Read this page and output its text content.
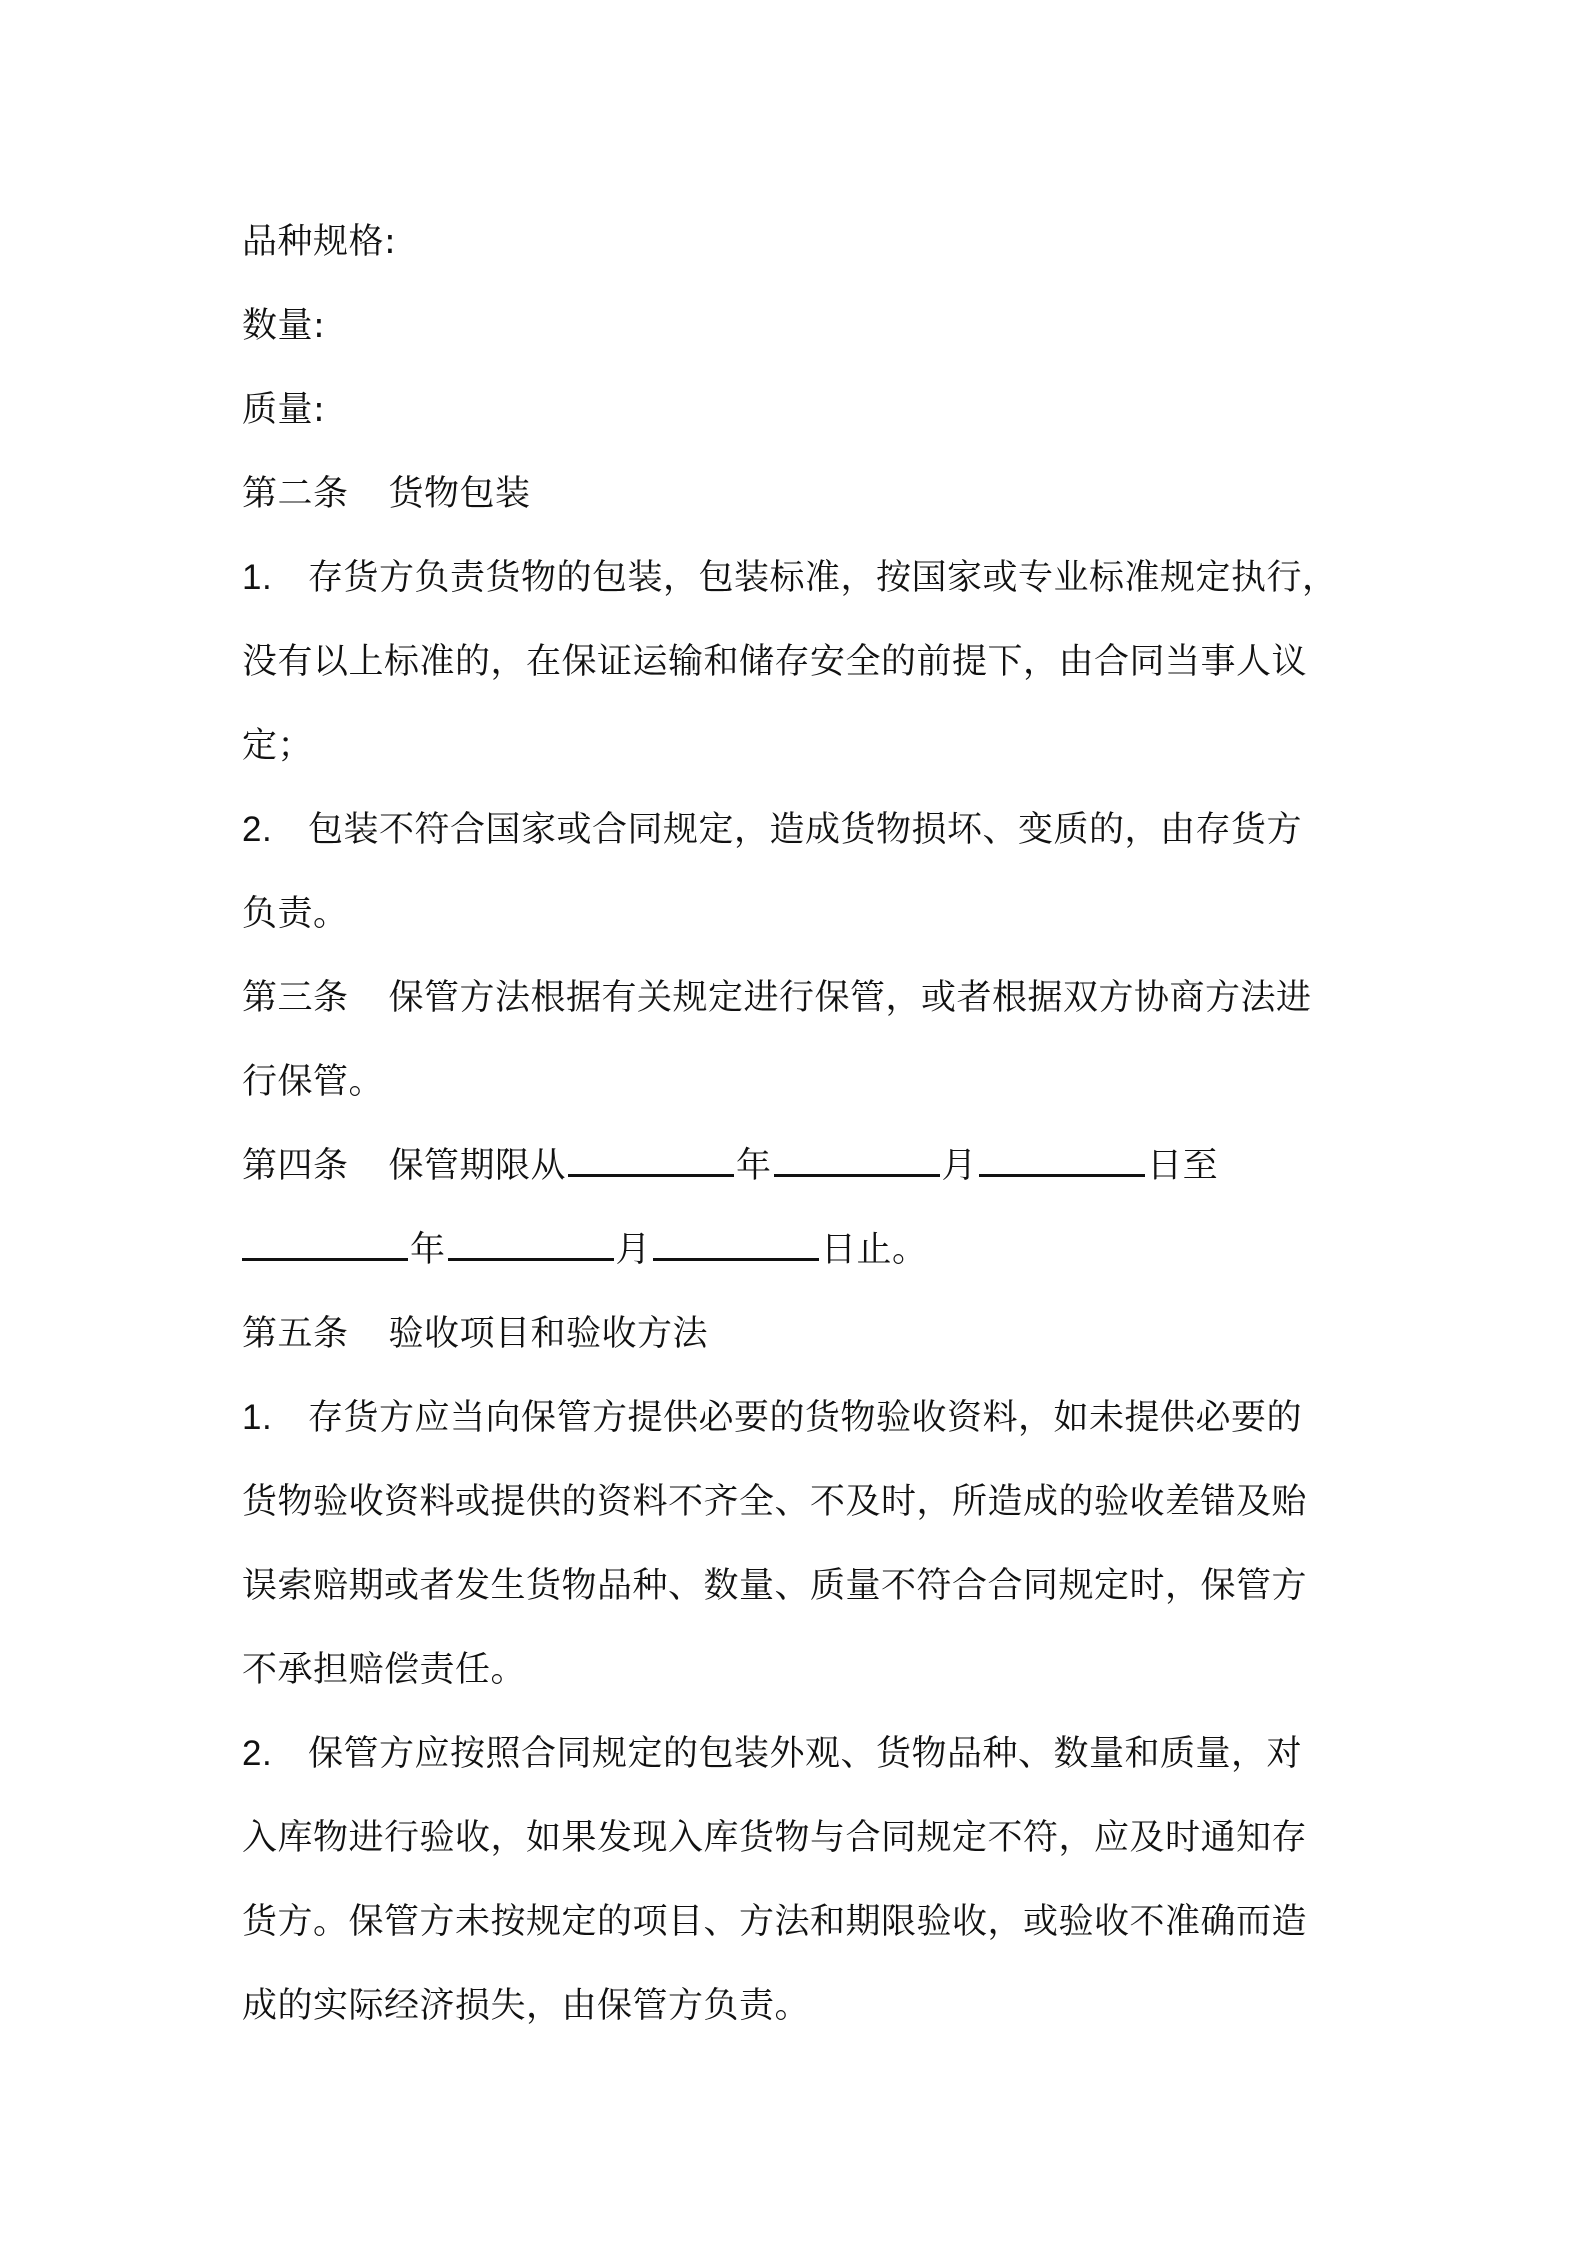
品种规格:
数量:
质量:
第二条 货物包装
1. 存货方负责货物的包装，包装标准，按国家或专业标准规定执行，
没有以上标准的，在保证运输和储存安全的前提下，由合同当事人议
定；
2. 包装不符合国家或合同规定，造成货物损坏、变质的，由存货方
负责。
第三条 保管方法根据有关规定进行保管，或者根据双方协商方法进
行保管。
第四条 保管期限从	年	月	日至
年	月	日止。
第五条 验收项目和验收方法
1. 存货方应当向保管方提供必要的货物验收资料，如未提供必要的
货物验收资料或提供的资料不齐全、不及时，所造成的验收差错及贻
误索赔期或者发生货物品种、数量、质量不符合合同规定时，保管方
不承担赔偿责任。
2. 保管方应按照合同规定的包装外观、货物品种、数量和质量，对
入库物进行验收，如果发现入库货物与合同规定不符，应及时通知存
货方。保管方未按规定的项目、方法和期限验收，或验收不准确而造
成的实际经济损失，由保管方负责。
